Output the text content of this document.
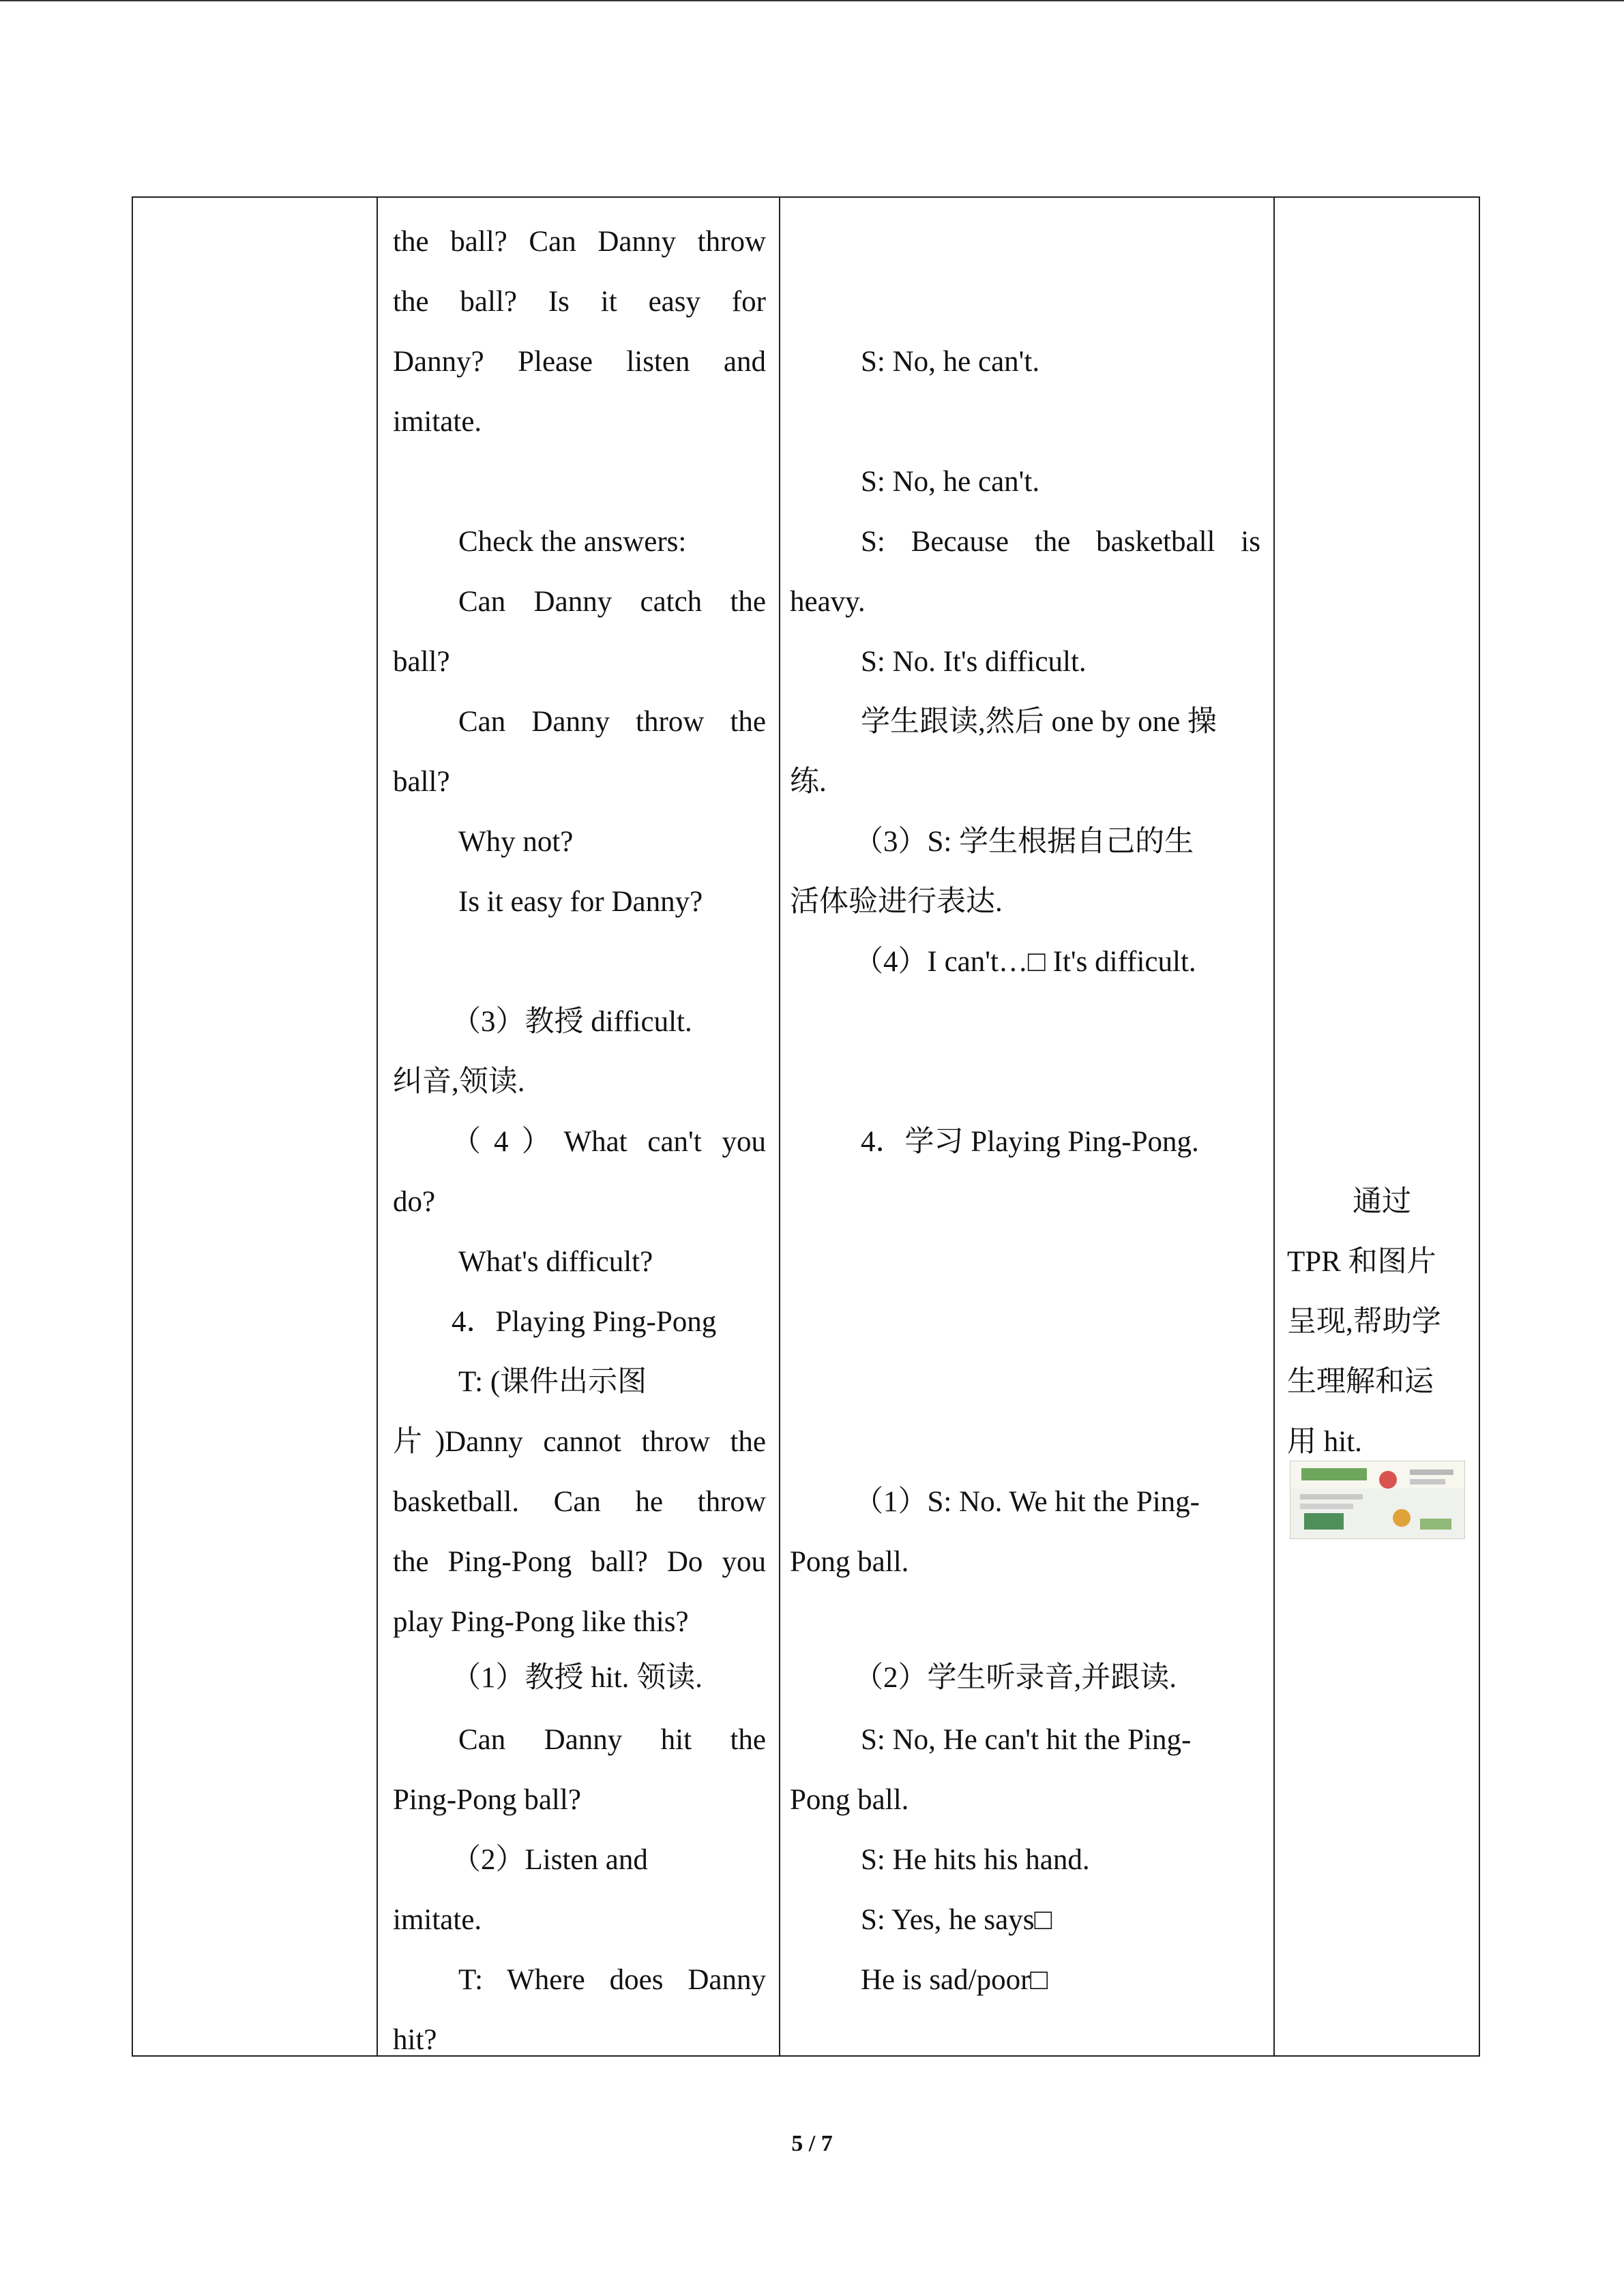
the ball? Can Danny throw
the ball? Is it easy for
Danny? Please listen and
imitate.
Check the answers:
Can Danny catch the
ball?
Can Danny throw the
ball?
Why not?
Is it easy for Danny?
（3）教授 difficult.
纠音,领读.
（4）What can't you
do?
What's difficult?
4．Playing Ping-Pong
T: (课件出示图
片)Danny cannot throw the
basketball. Can he throw
the Ping-Pong ball? Do you
play Ping-Pong like this?
（1）教授 hit. 领读.
Can Danny hit the
Ping-Pong ball?
（2）Listen and
imitate.
T: Where does Danny
hit?
S: No, he can't.
S: No, he can't.
S: Because the basketball is
heavy.
S: No. It's difficult.
学生跟读,然后 one by one 操
练.
（3）S: 学生根据自己的生
活体验进行表达.
（4）I can't…□ It's difficult.
4．学习 Playing Ping-Pong.
（1）S: No. We hit the Ping-
Pong ball.
（2）学生听录音,并跟读.
S: No, He can't hit the Ping-
Pong ball.
S: He hits his hand.
S: Yes, he says□
He is sad/poor□
通过
TPR 和图片
呈现,帮助学
生理解和运
用 hit.
5 / 7
